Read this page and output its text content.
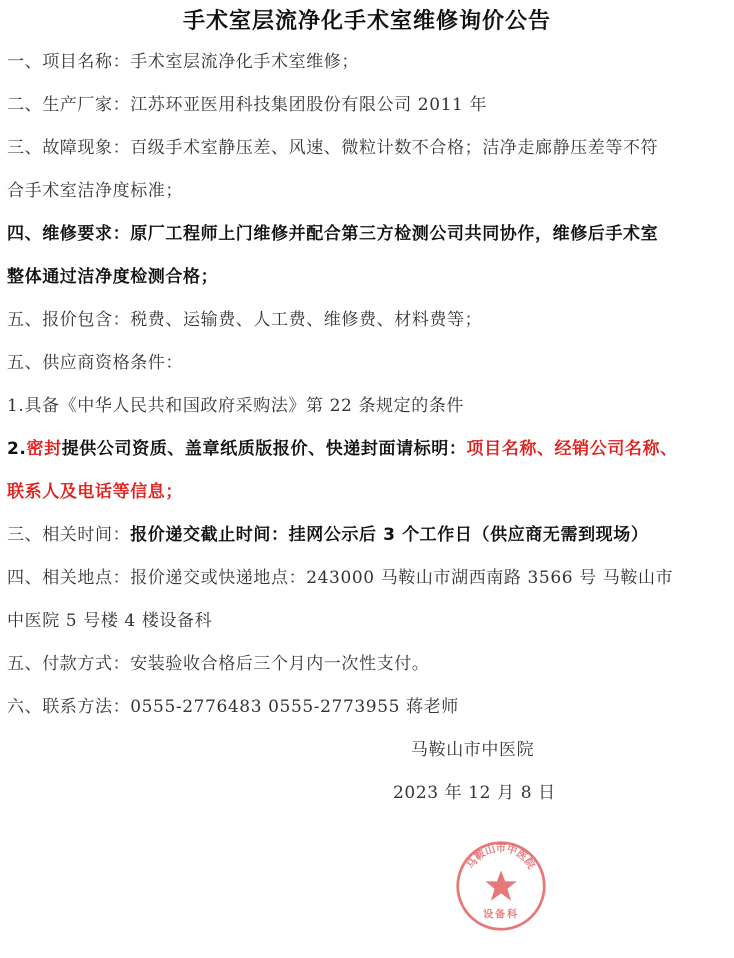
手术室层流净化手术室维修询价公告
一、项目名称：手术室层流净化手术室维修；
二、生产厂家：江苏环亚医用科技集团股份有限公司 2011 年
三、故障现象：百级手术室静压差、风速、微粒计数不合格；洁净走廊静压差等不符
合手术室洁净度标准；
四、维修要求：原厂工程师上门维修并配合第三方检测公司共同协作，维修后手术室
整体通过洁净度检测合格；
五、报价包含：税费、运输费、人工费、维修费、材料费等；
五、供应商资格条件：
1.具备《中华人民共和国政府采购法》第 22 条规定的条件
2.密封提供公司资质、盖章纸质版报价、快递封面请标明：项目名称、经销公司名称、
联系人及电话等信息；
三、相关时间：报价递交截止时间：挂网公示后 3 个工作日（供应商无需到现场）
四、相关地点：报价递交或快递地点：243000 马鞍山市湖西南路 3566 号 马鞍山市
中医院 5 号楼 4 楼设备科
五、付款方式：安装验收合格后三个月内一次性支付。
六、联系方法：0555-2776483 0555-2773955 蒋老师
马鞍山市中医院
2023 年 12 月 8 日
马鞍山市中医院
设备科
